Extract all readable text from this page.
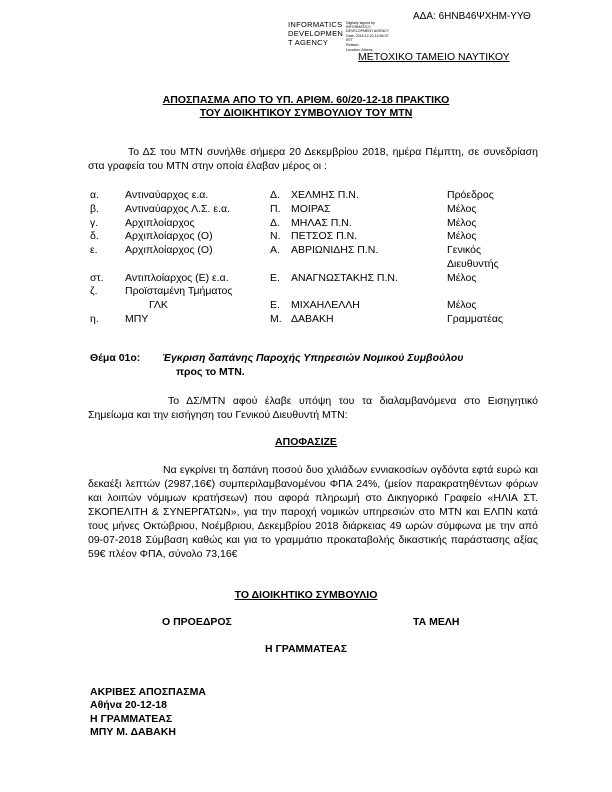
ΑΔΑ: 6ΗΝΒ46ΨΧΗΜ-ΥΥΘ
INFORMATICS
DEVELOPMEN
T AGENCY
Digitally signed by
INFORMATICS
DEVELOPMENT AGENCY
Date: 2018.12.20 14:56:37
EET
Reason:
Location: Athens
ΜΕΤΟΧΙΚΟ ΤΑΜΕΙΟ ΝΑΥΤΙΚΟΥ
ΑΠΟΣΠΑΣΜΑ ΑΠΟ ΤΟ ΥΠ. ΑΡΙΘΜ. 60/20-12-18 ΠΡΑΚΤΙΚΟ
ΤΟΥ ΔΙΟΙΚΗΤΙΚΟΥ ΣΥΜΒΟΥΛΙΟΥ ΤΟΥ ΜΤΝ
Το ΔΣ του ΜΤΝ συνήλθε σήμερα 20 Δεκεμβρίου 2018, ημέρα Πέμπτη, σε συνεδρίαση στα γραφεία του ΜΤΝ στην οποία έλαβαν μέρος οι :
α. Αντιναύαρχος ε.α.	Δ. ΧΕΛΜΗΣ Π.Ν.	Πρόεδρος
β. Αντιναύαρχος Λ.Σ. ε.α.	Π. ΜΟΙΡΑΣ	Μέλος
γ.	Αρχιπλοίαρχος	Δ. ΜΗΛΑΣ Π.Ν.	Μέλος
δ. Αρχιπλοίαρχος (Ο)	Ν. ΠΕΤΣΟΣ Π.Ν.	Μέλος
ε.	Αρχιπλοίαρχος (Ο)	Α. ΑΒΡΙΩΝΙΔΗΣ Π.Ν.	Γενικός
Διευθυντής
στ. Αντιπλοίαρχος (Ε) ε.α.	Ε. ΑΝΑΓΝΩΣΤΑΚΗΣ Π.Ν.	Μέλος
ζ.	Προϊσταμένη Τμήματος
ΓΛΚ	Ε. ΜΙΧΑΗΛΕΛΛΗ	Μέλος
η. ΜΠΥ	Μ. ΔΑΒΑΚΗ	Γραμματέας
Θέμα 01ο: Έγκριση δαπάνης Παροχής Υπηρεσιών Νομικού Συμβούλου
προς το ΜΤΝ.
Το ΔΣ/ΜΤΝ αφού έλαβε υπόψη του τα διαλαμβανόμενα στο Εισηγητικό Σημείωμα και την εισήγηση του Γενικού Διευθυντή ΜΤΝ:
ΑΠΟΦΑΣΙΖΕ
Να εγκρίνει τη δαπάνη ποσού δυο χιλιάδων εννιακοσίων ογδόντα εφτά ευρώ και δεκαέξι λεπτών (2987,16€) συμπεριλαμβανομένου ΦΠΑ 24%, (μείον παρακρατηθέντων φόρων και λοιπών νόμιμων κρατήσεων) που αφορά πληρωμή στο Δικηγορικό Γραφείο «ΗΛΙΑ ΣΤ. ΣΚΟΠΕΛΙΤΗ & ΣΥΝΕΡΓΑΤΩΝ», για την παροχή νομικών υπηρεσιών στο ΜΤΝ και ΕΛΠΝ κατά τους μήνες Οκτώβριου, Νοέμβριου, Δεκεμβρίου 2018 διάρκειας 49 ωρών σύμφωνα με την από 09-07-2018 Σύμβαση καθώς και για το γραμμάτιο προκαταβολής δικαστικής παράστασης αξίας 59€ πλέον ΦΠΑ, σύνολο 73,16€
ΤΟ ΔΙΟΙΚΗΤΙΚΟ ΣΥΜΒΟΥΛΙΟ
Ο ΠΡΟΕΔΡΟΣ	ΤΑ ΜΕΛΗ
Η ΓΡΑΜΜΑΤΕΑΣ
ΑΚΡΙΒΕΣ ΑΠΟΣΠΑΣΜΑ
Αθήνα 20-12-18
Η ΓΡΑΜΜΑΤΕΑΣ
ΜΠΥ Μ. ΔΑΒΑΚΗ
